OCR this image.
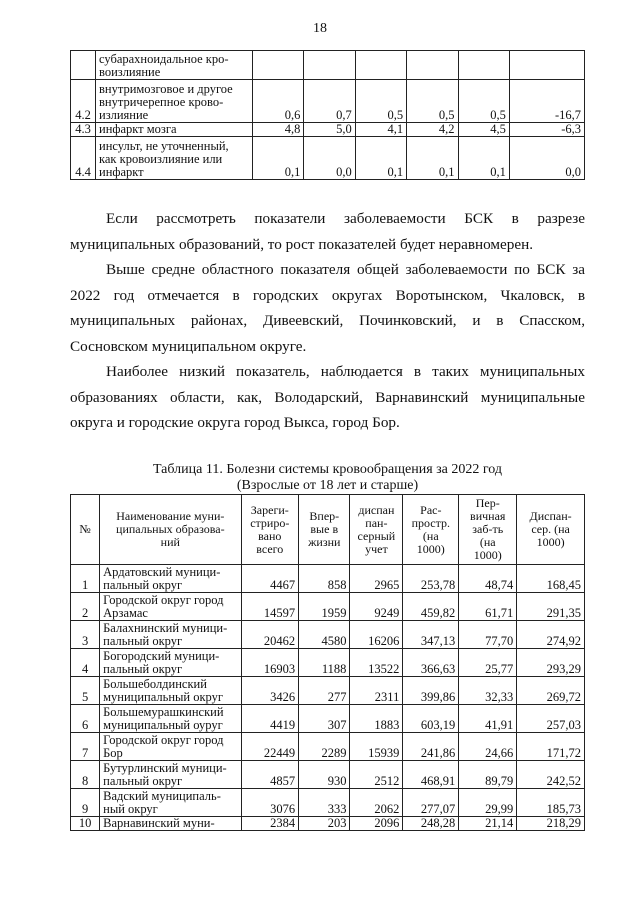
18
	субарахноидальное кро-
воизлияние						
4.2	внутримозговое и другое
внутричерепное крово-
излияние	0,6	0,7	0,5	0,5	0,5	-16,7
4.3	инфаркт мозга	4,8	5,0	4,1	4,2	4,5	-6,3
4.4	инсульт, не уточненный,
как кровоизлияние или
инфаркт	0,1	0,0	0,1	0,1	0,1	0,0

Если рассмотреть показатели заболеваемости БСК в разрезе муниципальных образований, то рост показателей будет неравномерен.

Выше средне областного показателя общей заболеваемости по БСК за 2022 год отмечается в городских округах Воротынском, Чкаловск, в муниципальных районах, Дивеевский, Починковский, и в Спасском, Сосновском муниципальном округе.

Наиболее низкий показатель, наблюдается в таких муниципальных образованиях области, как, Володарский, Варнавинский муниципальные округа и городские округа город Выкса, город Бор.

Таблица 11. Болезни системы кровообращения за 2022 год
(Взрослые от 18 лет и старше)
№	Наименование муни-
ципальных образова-
ний	Зареги-
стриро-
вано
всего	Впер-
вые в
жизни	диспан
пан-
серный
учет	Рас-
простр.
(на
1000)	Пер-
вичная
заб-ть
(на
1000)	Диспан-
сер. (на
1000)
1	Ардатовский муници-
пальный округ	4467	858	2965	253,78	48,74	168,45
2	Городской округ город
Арзамас	14597	1959	9249	459,82	61,71	291,35
3	Балахнинский муници-
пальный округ	20462	4580	16206	347,13	77,70	274,92
4	Богородский муници-
пальный округ	16903	1188	13522	366,63	25,77	293,29
5	Большеболдинский
муниципальный округ	3426	277	2311	399,86	32,33	269,72
6	Большемурашкинский
муниципальный оуруг	4419	307	1883	603,19	41,91	257,03
7	Городской округ город
Бор	22449	2289	15939	241,86	24,66	171,72
8	Бутурлинский муници-
пальный округ	4857	930	2512	468,91	89,79	242,52
9	Вадский муниципаль-
ный округ	3076	333	2062	277,07	29,99	185,73
10	Варнавинский муни-	2384	203	2096	248,28	21,14	218,29
